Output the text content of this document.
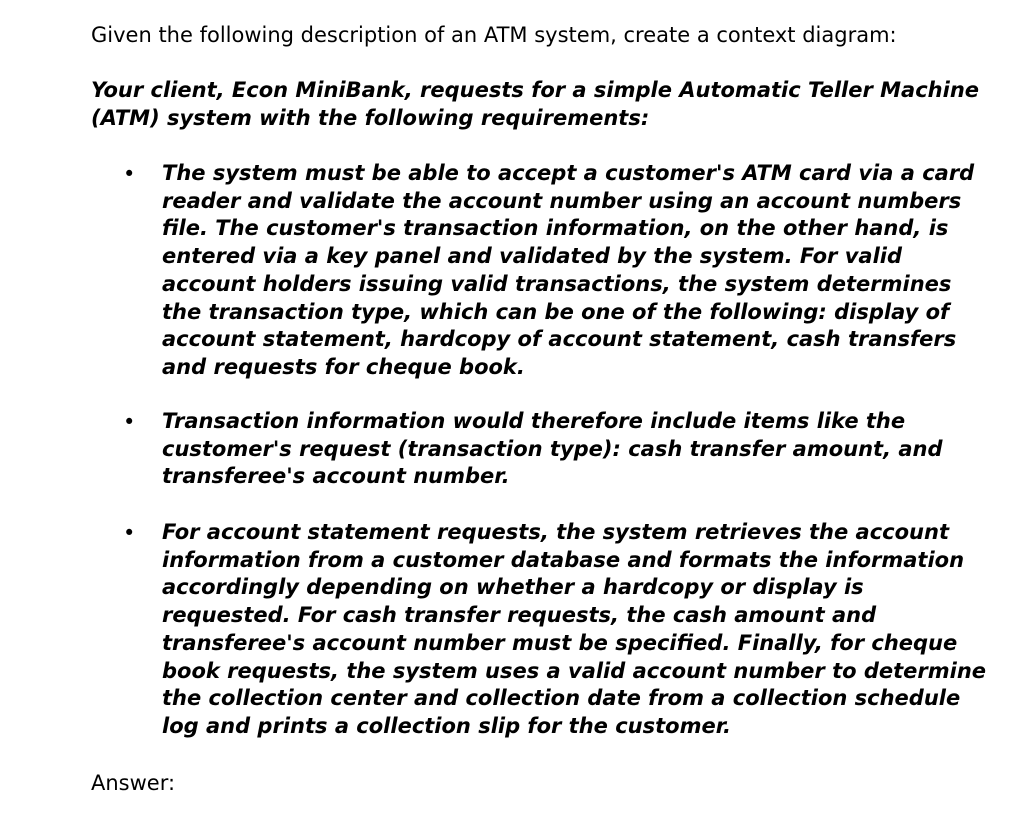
Given the following description of an ATM system, create a context diagram:

Your client, Econ MiniBank, requests for a simple Automatic Teller Machine (ATM) system with the following requirements:

• The system must be able to accept a customer's ATM card via a card reader and validate the account number using an account numbers file. The customer's transaction information, on the other hand, is entered via a key panel and validated by the system. For valid account holders issuing valid transactions, the system determines the transaction type, which can be one of the following: display of account statement, hardcopy of account statement, cash transfers and requests for cheque book.

• Transaction information would therefore include items like the customer's request (transaction type): cash transfer amount, and transferee's account number.

• For account statement requests, the system retrieves the account information from a customer database and formats the information accordingly depending on whether a hardcopy or display is requested. For cash transfer requests, the cash amount and transferee's account number must be specified. Finally, for cheque book requests, the system uses a valid account number to determine the collection center and collection date from a collection schedule log and prints a collection slip for the customer.

Answer:
